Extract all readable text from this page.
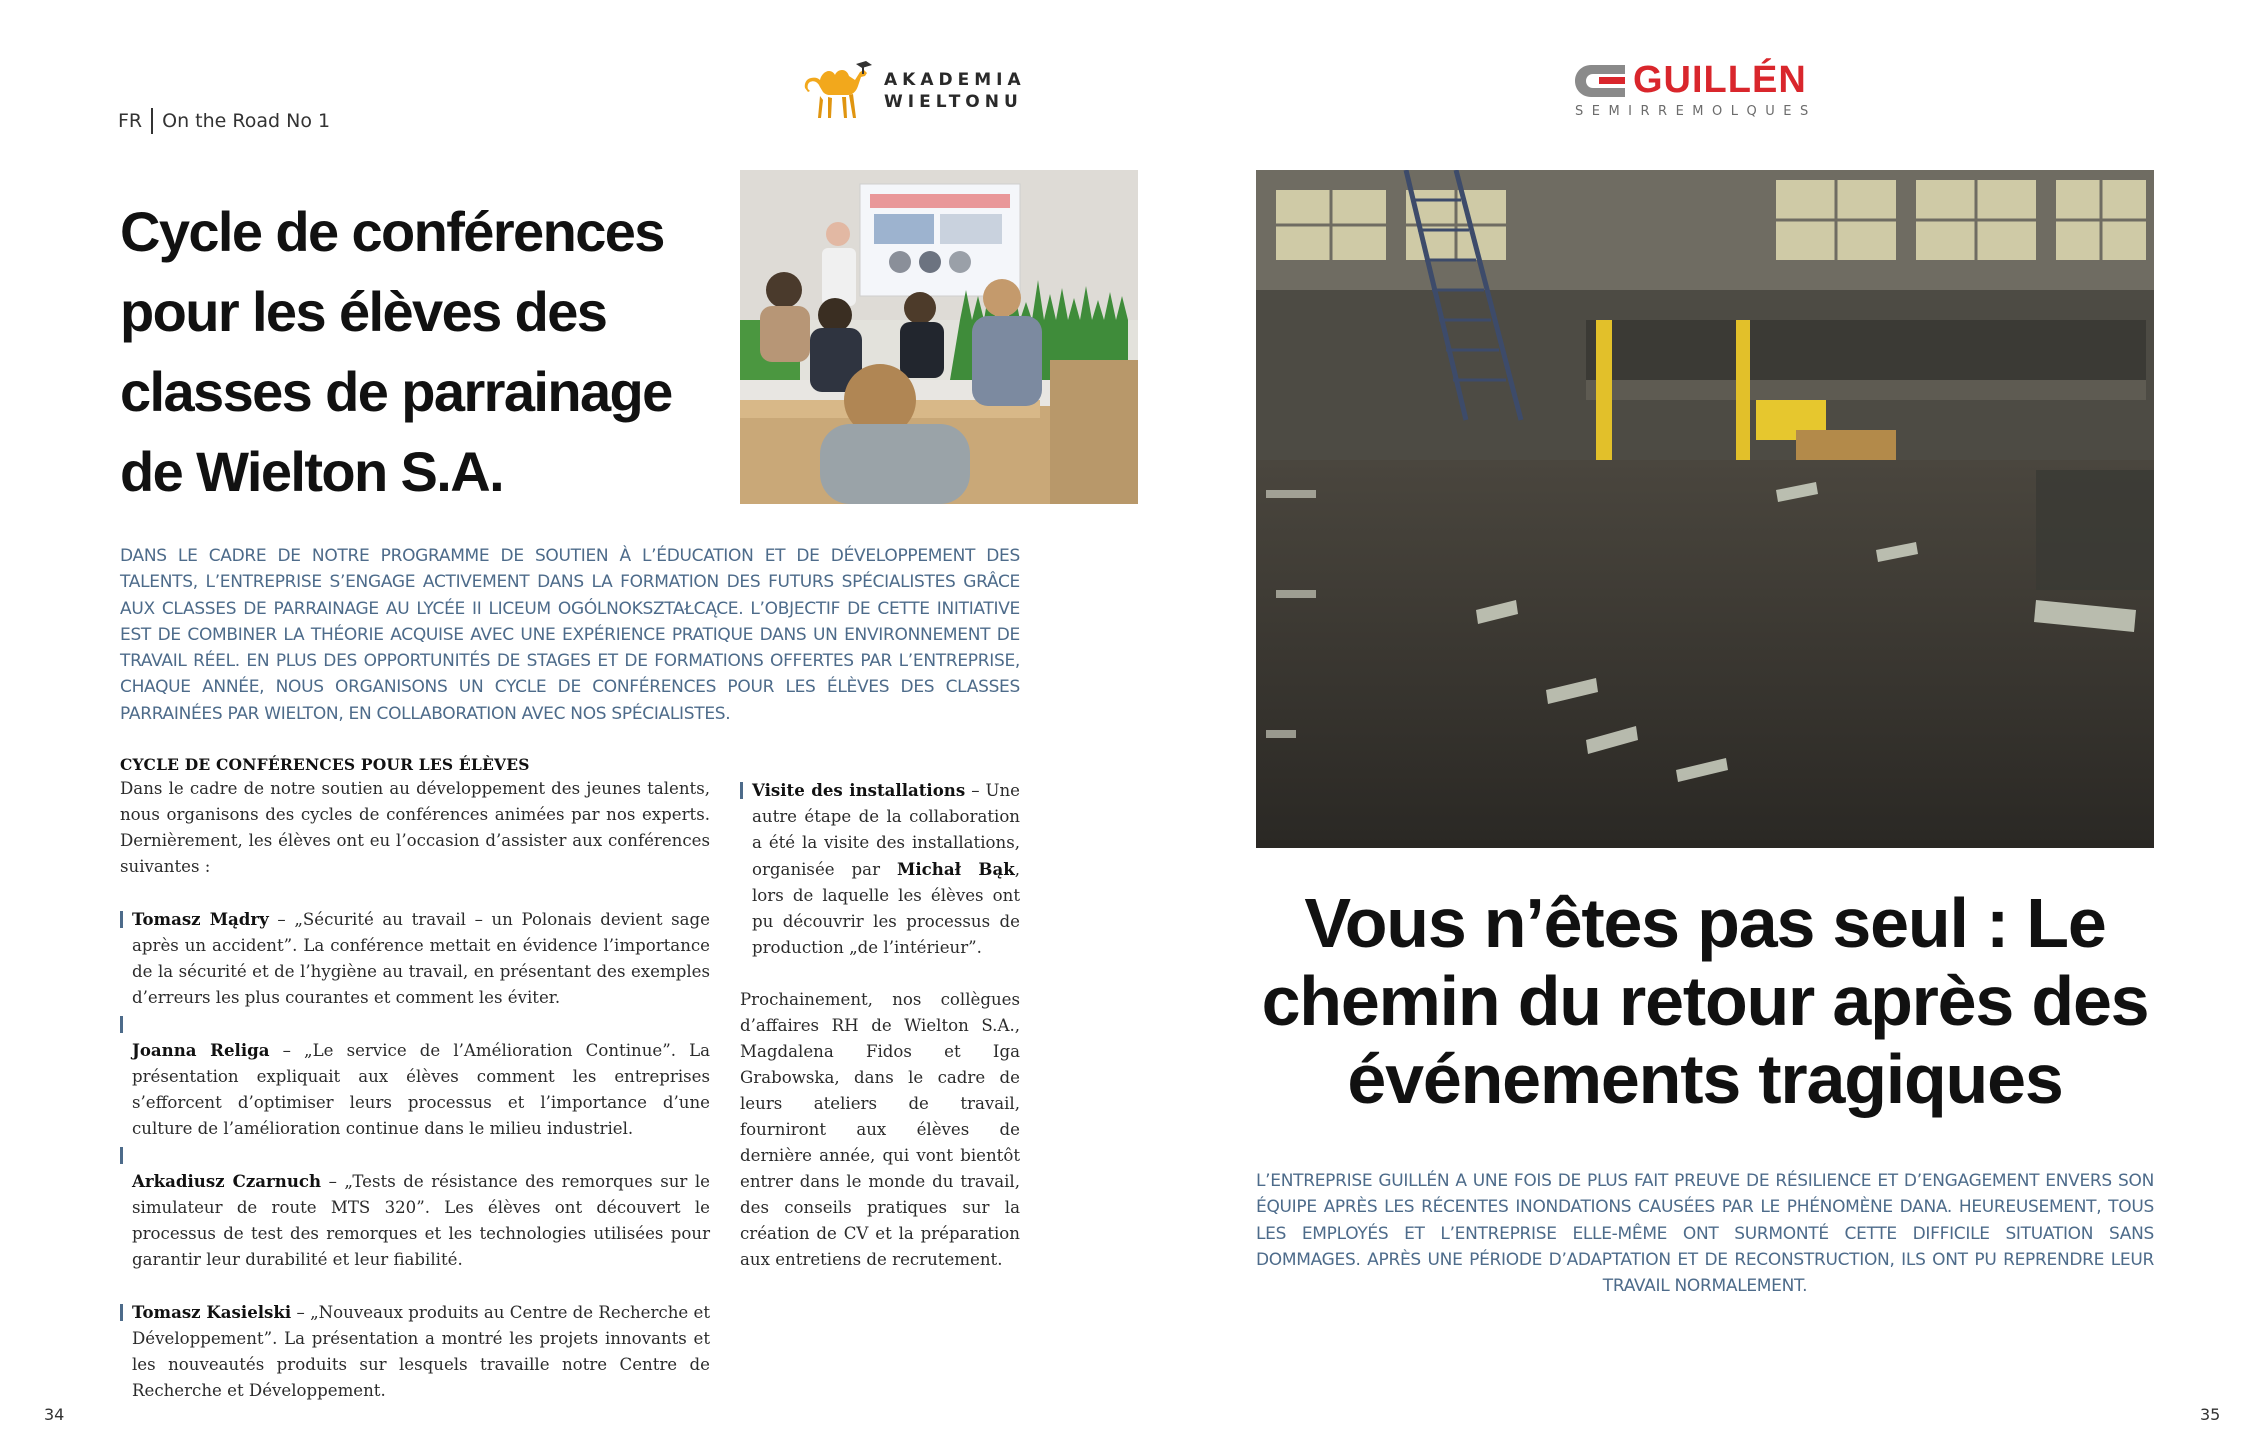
FR On the Road No 1
AKADEMIA
WIELTONU
GUILLÉN
SEMIRREMOLQUES
Cycle de conférences pour les élèves des classes de parrainage de Wielton S.A.

DANS LE CADRE DE NOTRE PROGRAMME DE SOUTIEN À L’ÉDUCATION ET DE DÉVELOPPEMENT DES TALENTS, L’ENTREPRISE S’ENGAGE ACTIVEMENT DANS LA FORMATION DES FUTURS SPÉCIALISTES GRÂCE AUX CLASSES DE PARRAINAGE AU LYCÉE II LICEUM OGÓLNOKSZTAŁCĄCE. L’OBJECTIF DE CETTE INITIATIVE EST DE COMBINER LA THÉORIE ACQUISE AVEC UNE EXPÉRIENCE PRATIQUE DANS UN ENVIRONNEMENT DE TRAVAIL RÉEL. EN PLUS DES OPPORTUNITÉS DE STAGES ET DE FORMATIONS OFFERTES PAR L’ENTREPRISE, CHAQUE ANNÉE, NOUS ORGANISONS UN CYCLE DE CONFÉRENCES POUR LES ÉLÈVES DES CLASSES PARRAINÉES PAR WIELTON, EN COLLABORATION AVEC NOS SPÉCIALISTES.

CYCLE DE CONFÉRENCES POUR LES ÉLÈVES

Dans le cadre de notre soutien au développement des jeunes talents, nous organisons des cycles de conférences animées par nos experts. Dernièrement, les élèves ont eu l’occasion d’assister aux conférences suivantes :

Tomasz Mądry – „Sécurité au travail – un Polonais devient sage après un accident”. La conférence mettait en évidence l’importance de la sécurité et de l’hygiène au travail, en présentant des exemples d’erreurs les plus courantes et comment les éviter.
Joanna Religa – „Le service de l’Amélioration Continue”. La présentation expliquait aux élèves comment les entreprises s’efforcent d’optimiser leurs processus et l’importance d’une culture de l’amélioration continue dans le milieu industriel.
Arkadiusz Czarnuch – „Tests de résistance des remorques sur le simulateur de route MTS 320”. Les élèves ont découvert le processus de test des remorques et les technologies utilisées pour garantir leur durabilité et leur fiabilité.
Tomasz Kasielski – „Nouveaux produits au Centre de Recherche et Développement”. La présentation a montré les projets innovants et les nouveautés produits sur lesquels travaille notre Centre de Recherche et Développement.
Visite des installations – Une autre étape de la collaboration a été la visite des installations, organisée par Michał Bąk, lors de laquelle les élèves ont pu découvrir les processus de production „de l’intérieur”.

Prochainement, nos collègues d’affaires RH de Wielton S.A., Magdalena Fidos et Iga Grabowska, dans le cadre de leurs ateliers de travail, fourniront aux élèves de dernière année, qui vont bientôt entrer dans le monde du travail, des conseils pratiques sur la création de CV et la préparation aux entretiens de recrutement.

34
Vous n’êtes pas seul : Le chemin du retour après des événements tragiques

L’ENTREPRISE GUILLÉN A UNE FOIS DE PLUS FAIT PREUVE DE RÉSILIENCE ET D’ENGAGEMENT ENVERS SON ÉQUIPE APRÈS LES RÉCENTES INONDATIONS CAUSÉES PAR LE PHÉNOMÈNE DANA. HEUREUSEMENT, TOUS LES EMPLOYÉS ET L’ENTREPRISE ELLE-MÊME ONT SURMONTÉ CETTE DIFFICILE SITUATION SANS DOMMAGES. APRÈS UNE PÉRIODE D’ADAPTATION ET DE RECONSTRUCTION, ILS ONT PU REPRENDRE LEUR TRAVAIL NORMALEMENT.

35
